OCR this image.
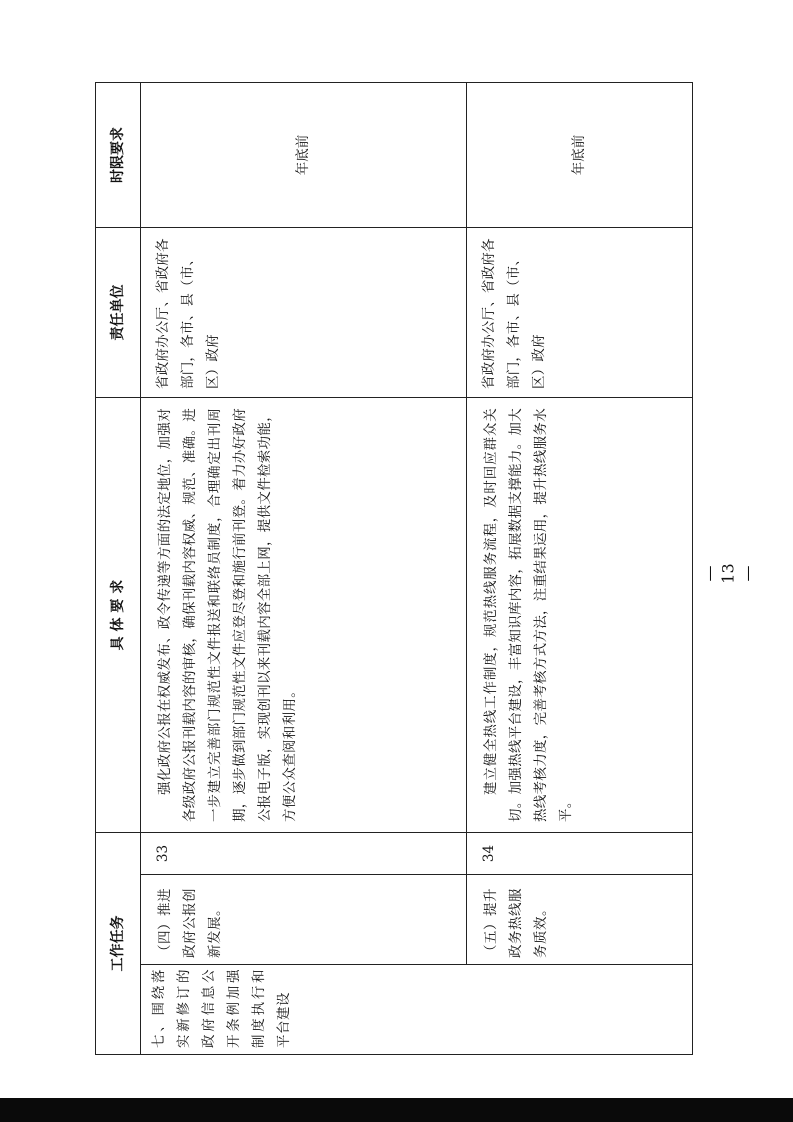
工作任务			具 体 要 求	责任单位	时限要求

七、围绕落实新修订的政府信息公开条例加强制度执行和平台建设	（四）推进政府公报创新发展。	33	强化政府公报在权威发布、政令传递等方面的法定地位，加强对各级政府公报刊载内容的审核，确保刊载内容权威、规范、准确。进一步建立完善部门规范性文件报送和联络员制度，合理确定出刊周期，逐步做到部门规范性文件应登尽登和施行前刊登。着力办好政府公报电子版，实现创刊以来刊载内容全部上网，提供文件检索功能，方便公众查阅和利用。	省政府办公厅、省政府各部门，各市、县（市、区）政府	年底前

	（五）提升政务热线服务质效。	34	建立健全热线工作制度，规范热线服务流程，及时回应群众关切。加强热线平台建设，丰富知识库内容，拓展数据支撑能力。加大热线考核力度，完善考核方式方法，注重结果运用，提升热线服务水平。	省政府办公厅、省政府各部门，各市、县（市、区）政府	年底前
— 13 —
